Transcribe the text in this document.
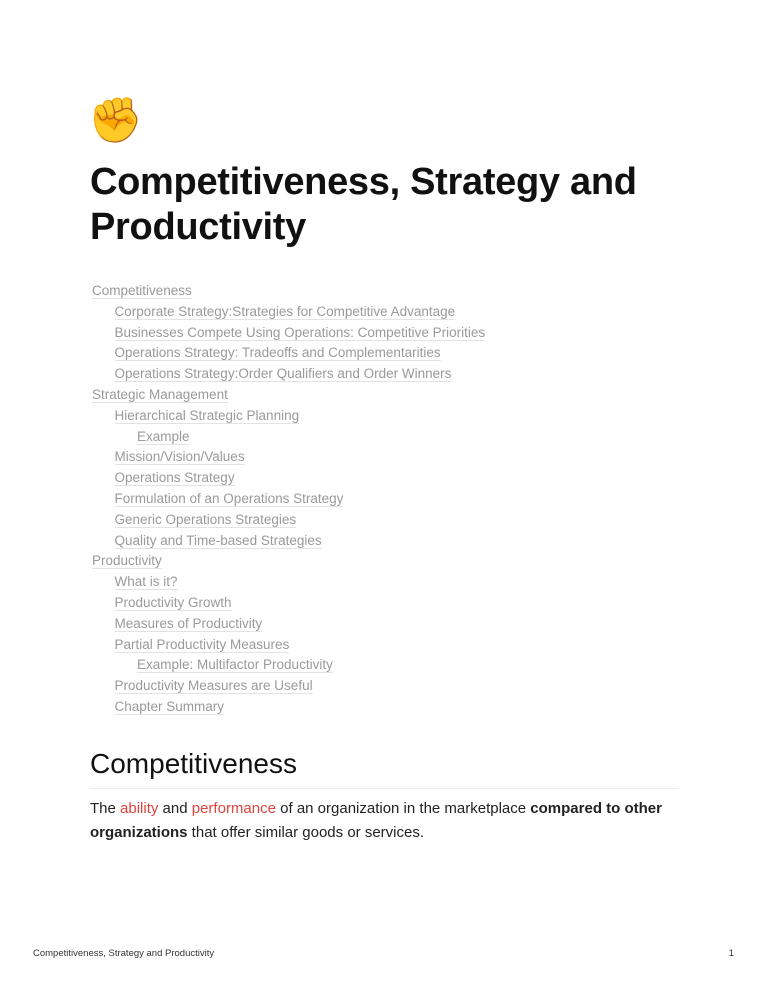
✊
Competitiveness, Strategy and Productivity
Competitiveness
Corporate Strategy:Strategies for Competitive Advantage
Businesses Compete Using Operations: Competitive Priorities
Operations Strategy: Tradeoffs and Complementarities
Operations Strategy:Order Qualifiers and Order Winners
Strategic Management
Hierarchical Strategic Planning
Example
Mission/Vision/Values
Operations Strategy
Formulation of an Operations Strategy
Generic Operations Strategies
Quality and Time-based Strategies
Productivity
What is it?
Productivity Growth
Measures of Productivity
Partial Productivity Measures
Example: Multifactor Productivity
Productivity Measures are Useful
Chapter Summary
Competitiveness

The ability and performance of an organization in the marketplace compared to other organizations that offer similar goods or services.

Competitiveness, Strategy and Productivity	1
